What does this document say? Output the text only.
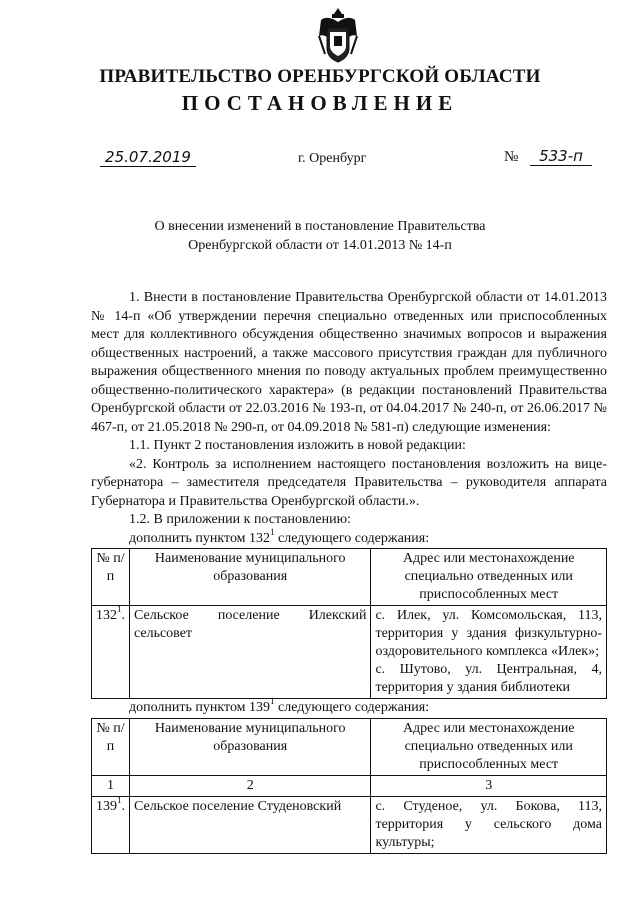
ПРАВИТЕЛЬСТВО ОРЕНБУРГСКОЙ ОБЛАСТИ
ПОСТАНОВЛЕНИЕ
25.07.2019	г. Оренбург	№	533-п
О внесении изменений в постановление Правительства
Оренбургской области от 14.01.2013 № 14-п

1. Внести в постановление Правительства Оренбургской области от 14.01.2013 № 14-п «Об утверждении перечня специально отведенных или приспособленных мест для коллективного обсуждения общественно значимых вопросов и выражения общественных настроений, а также массового присутствия граждан для публичного выражения общественного мнения по поводу актуальных проблем преимущественно общественно-политического характера» (в редакции постановлений Правительства Оренбургской области от 22.03.2016 № 193-п, от 04.04.2017 № 240-п, от 26.06.2017 № 467-п, от 21.05.2018 № 290-п, от 04.09.2018 № 581-п) следующие изменения:

1.1. Пункт 2 постановления изложить в новой редакции:

«2. Контроль за исполнением настоящего постановления возложить на вице-губернатора – заместителя председателя Правительства – руководителя аппарата Губернатора и Правительства Оренбургской области.».

1.2. В приложении к постановлению:

дополнить пунктом $132^1$ следующего содержания:

№ п/п	Наименование муниципального образования	Адрес или местонахождение специально отведенных или приспособленных мест
$132^1$.	Сельское поселение Илекский сельсовет	с. Илек, ул. Комсомольская, 113, территория у здания физкультурно-оздоровительного комплекса «Илек»;
с. Шутово, ул. Центральная, 4, территория у здания библиотеки

дополнить пунктом $139^1$ следующего содержания:

№ п/п	Наименование муниципального образования	Адрес или местонахождение специально отведенных или приспособленных мест
1	2	3
$139^1$.	Сельское поселение Студеновский	с. Студеное, ул. Бокова, 113, территория у сельского дома культуры;
